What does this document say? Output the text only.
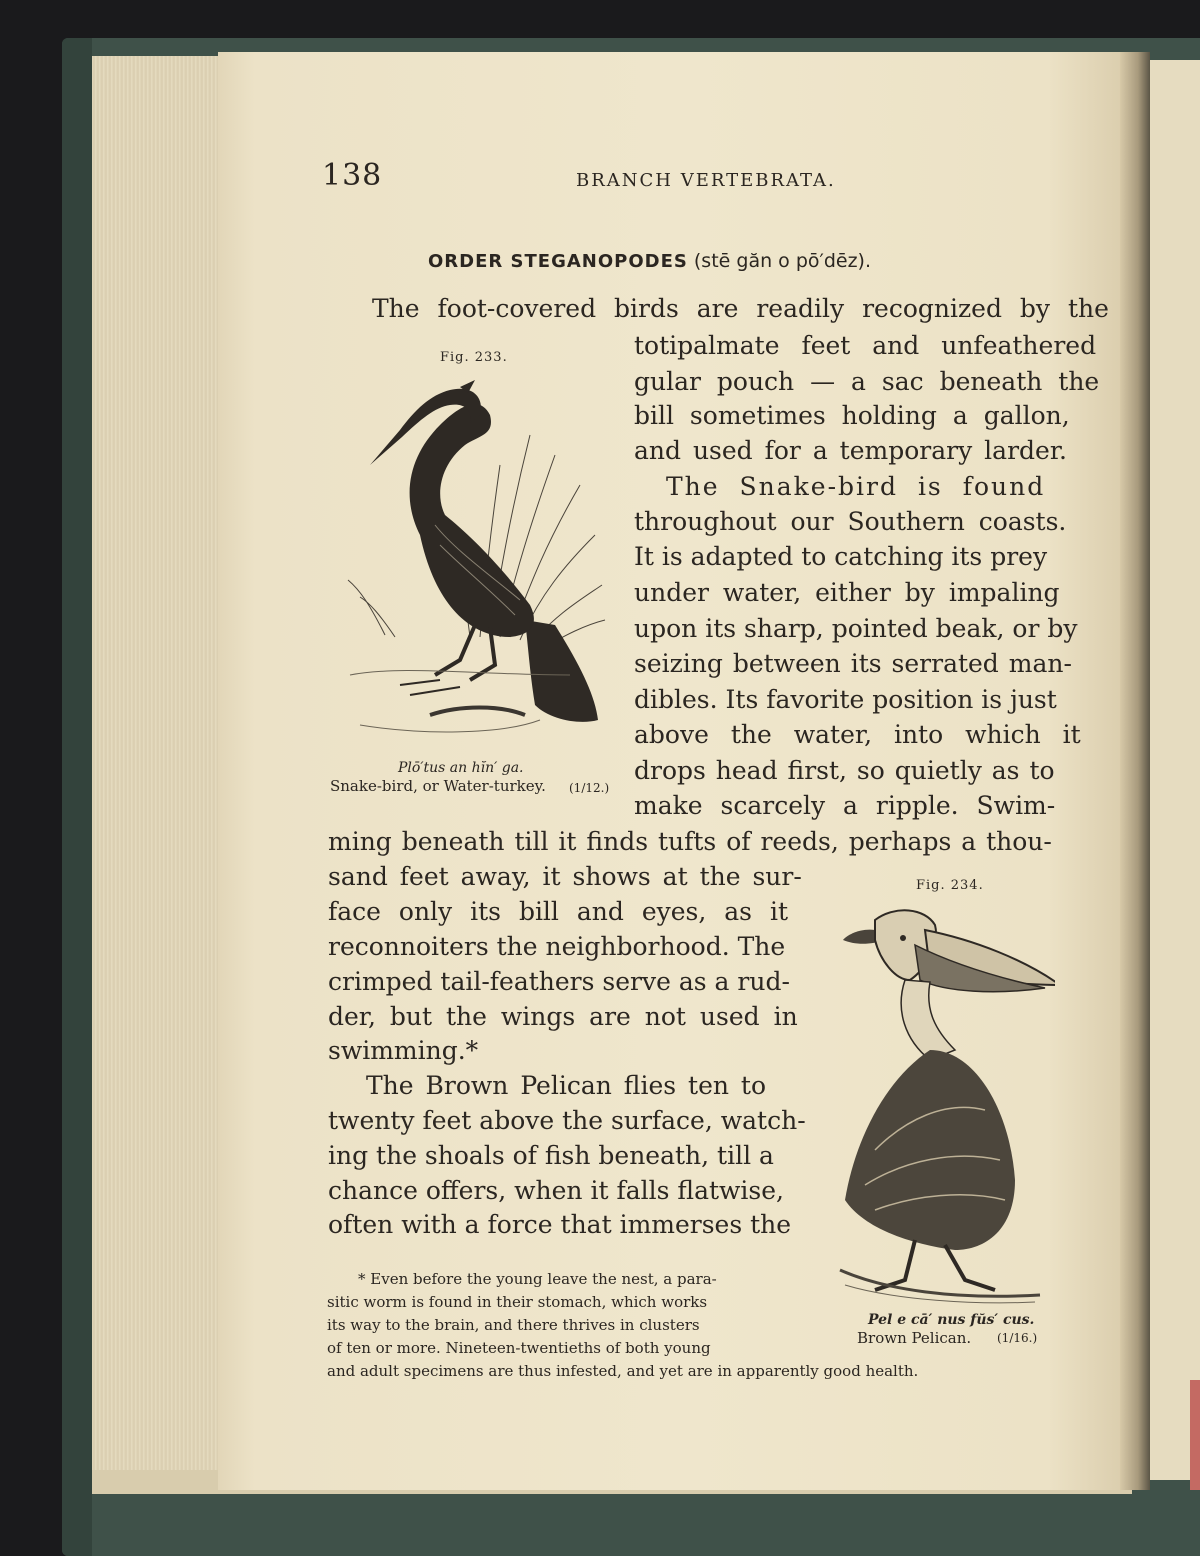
138	BRANCH VERTEBRATA.
ORDER STEGANOPODES (stē găn o pō′dēz).
The foot-covered birds are readily recognized by the
totipalmate feet and unfeathered
gular pouch — a sac beneath the
bill sometimes holding a gallon,
and used for a temporary larder.
The Snake-bird is found
throughout our Southern coasts.
It is adapted to catching its prey
under water, either by impaling
upon its sharp, pointed beak, or by
seizing between its serrated man-
dibles. Its favorite position is just
above the water, into which it
drops head first, so quietly as to
make scarcely a ripple. Swim-
ming beneath till it finds tufts of reeds, perhaps a thou-
sand feet away, it shows at the sur-
face only its bill and eyes, as it
reconnoiters the neighborhood. The
crimped tail-feathers serve as a rud-
der, but the wings are not used in
swimming.*
The Brown Pelican flies ten to
twenty feet above the surface, watch-
ing the shoals of fish beneath, till a
chance offers, when it falls flatwise,
often with a force that immerses the
Fig. 233.
Plō′tus an hĭn′ ga.
Snake-bird, or Water-turkey. (1/12.)
Fig. 234.
Pel e cā′ nus fŭs′ cus.
Brown Pelican. (1/16.)
* Even before the young leave the nest, a para-
sitic worm is found in their stomach, which works
its way to the brain, and there thrives in clusters
of ten or more. Nineteen-twentieths of both young
and adult specimens are thus infested, and yet are in apparently good health.
